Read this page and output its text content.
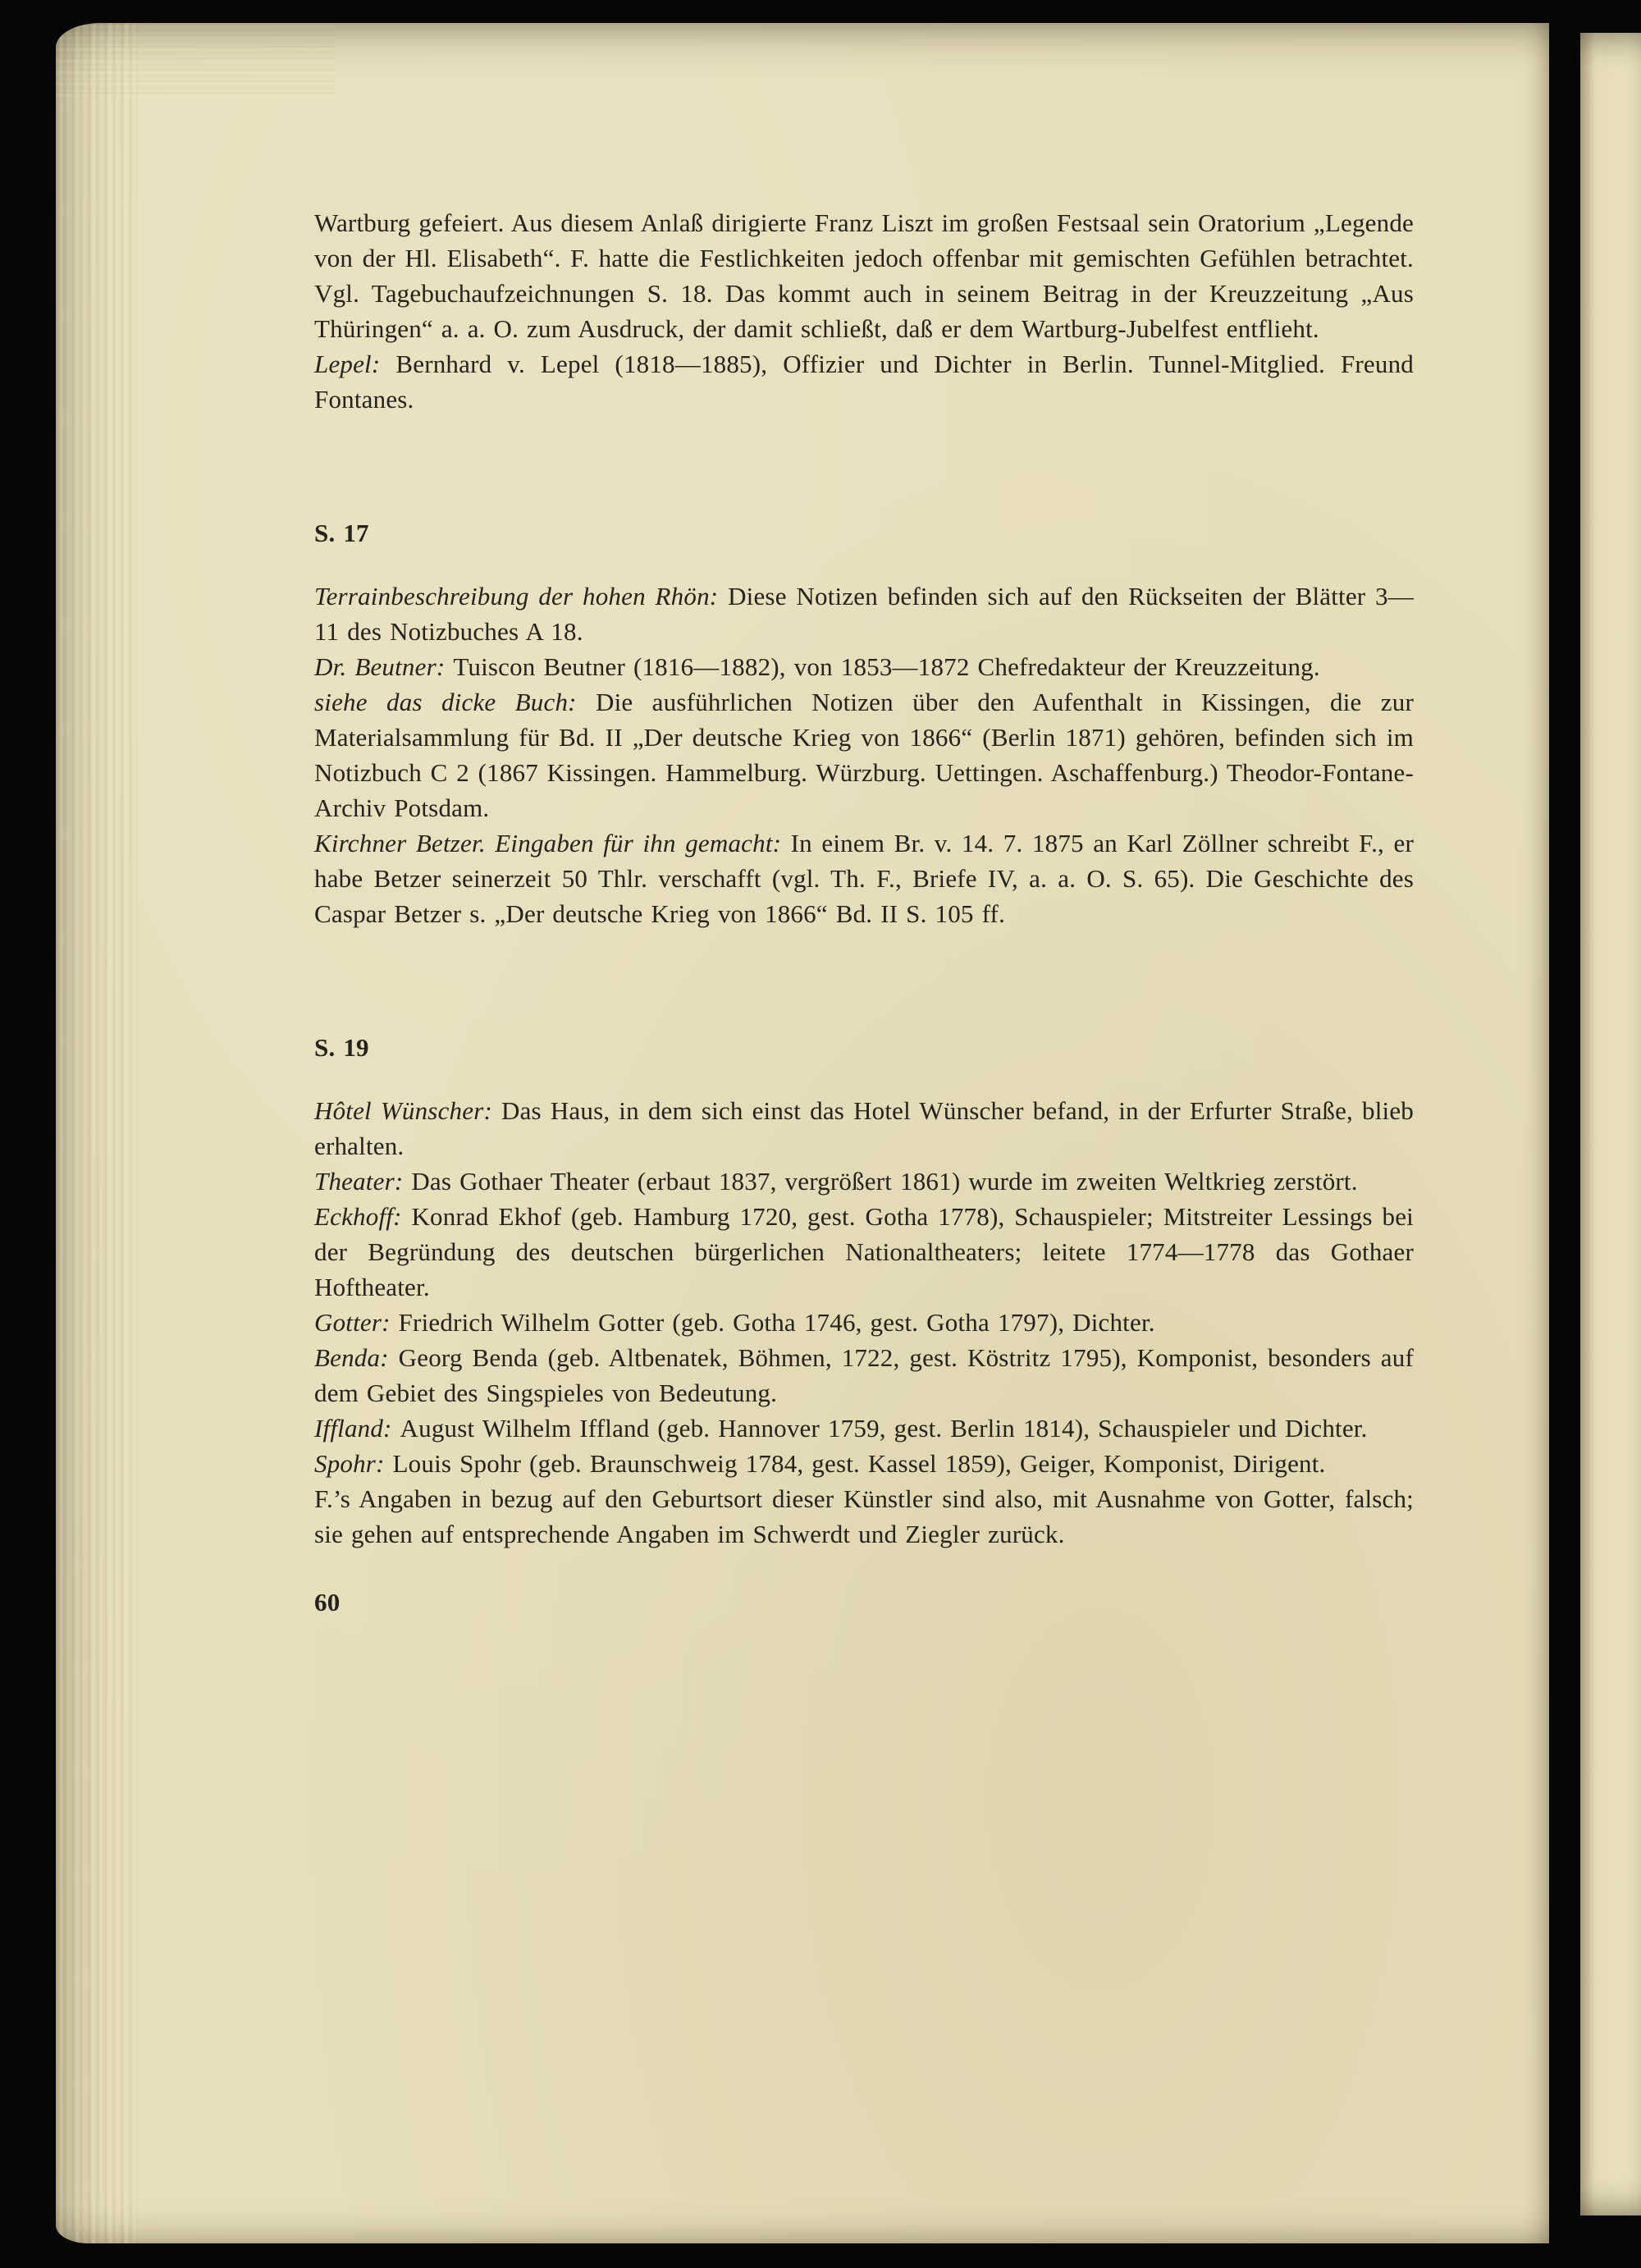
Wartburg gefeiert. Aus diesem Anlaß dirigierte Franz Liszt im großen Festsaal sein Oratorium „Legende von der Hl. Elisabeth“. F. hatte die Festlichkeiten jedoch offenbar mit gemischten Gefühlen betrachtet. Vgl. Tagebuchaufzeichnungen S. 18. Das kommt auch in seinem Beitrag in der Kreuzzeitung „Aus Thüringen“ a. a. O. zum Ausdruck, der damit schließt, daß er dem Wartburg-Jubelfest entflieht.

Lepel: Bernhard v. Lepel (1818—1885), Offizier und Dichter in Berlin. Tunnel-Mitglied. Freund Fontanes.

S. 17

Terrainbeschreibung der hohen Rhön: Diese Notizen befinden sich auf den Rückseiten der Blätter 3—11 des Notizbuches A 18.

Dr. Beutner: Tuiscon Beutner (1816—1882), von 1853—1872 Chefredakteur der Kreuzzeitung.

siehe das dicke Buch: Die ausführlichen Notizen über den Aufenthalt in Kissingen, die zur Materialsammlung für Bd. II „Der deutsche Krieg von 1866“ (Berlin 1871) gehören, befinden sich im Notizbuch C 2 (1867 Kissingen. Hammelburg. Würzburg. Uettingen. Aschaffenburg.) Theodor-Fontane-Archiv Potsdam.

Kirchner Betzer. Eingaben für ihn gemacht: In einem Br. v. 14. 7. 1875 an Karl Zöllner schreibt F., er habe Betzer seinerzeit 50 Thlr. verschafft (vgl. Th. F., Briefe IV, a. a. O. S. 65). Die Geschichte des Caspar Betzer s. „Der deutsche Krieg von 1866“ Bd. II S. 105 ff.

S. 19

Hôtel Wünscher: Das Haus, in dem sich einst das Hotel Wünscher befand, in der Erfurter Straße, blieb erhalten.

Theater: Das Gothaer Theater (erbaut 1837, vergrößert 1861) wurde im zweiten Weltkrieg zerstört.

Eckhoff: Konrad Ekhof (geb. Hamburg 1720, gest. Gotha 1778), Schauspieler; Mitstreiter Lessings bei der Begründung des deutschen bürgerlichen Nationaltheaters; leitete 1774—1778 das Gothaer Hoftheater.

Gotter: Friedrich Wilhelm Gotter (geb. Gotha 1746, gest. Gotha 1797), Dichter.

Benda: Georg Benda (geb. Altbenatek, Böhmen, 1722, gest. Köstritz 1795), Komponist, besonders auf dem Gebiet des Singspieles von Bedeutung.

Iffland: August Wilhelm Iffland (geb. Hannover 1759, gest. Berlin 1814), Schauspieler und Dichter.

Spohr: Louis Spohr (geb. Braunschweig 1784, gest. Kassel 1859), Geiger, Komponist, Dirigent.

F.’s Angaben in bezug auf den Geburtsort dieser Künstler sind also, mit Ausnahme von Gotter, falsch; sie gehen auf entsprechende Angaben im Schwerdt und Ziegler zurück.

60
